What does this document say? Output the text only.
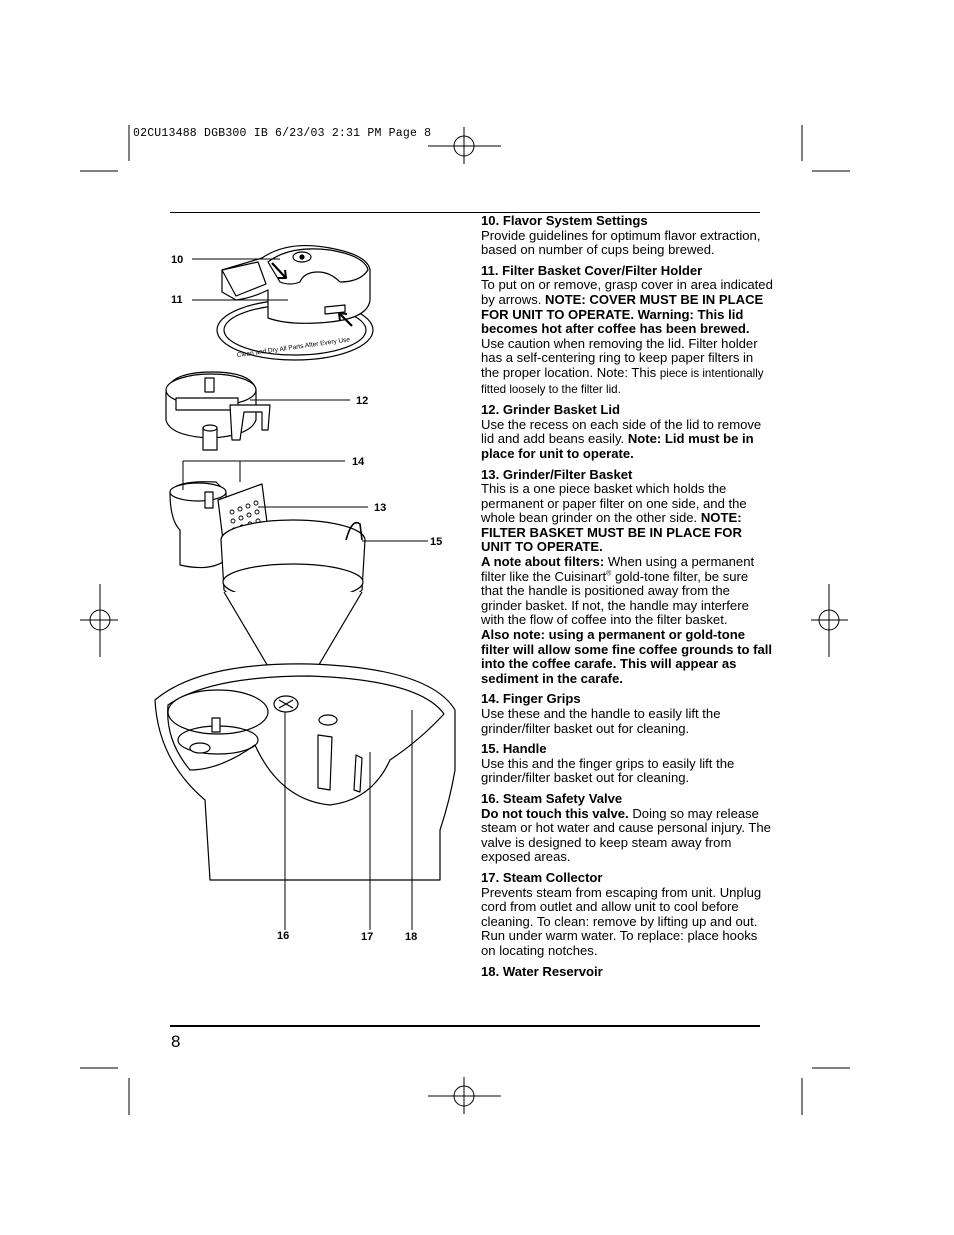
02CU13488 DGB300 IB 6/23/03 2:31 PM Page 8
Clean and Dry All Parts After Every Use
10
11
12
13
14
15
16	17	18
10. Flavor System Settings

Provide guidelines for optimum flavor extraction, based on number of cups being brewed.

11. Filter Basket Cover/Filter Holder

To put on or remove, grasp cover in area indicated by arrows. NOTE: COVER MUST BE IN PLACE FOR UNIT TO OPERATE. Warning: This lid becomes hot after coffee has been brewed. Use caution when removing the lid. Filter holder has a self-centering ring to keep paper filters in the proper location. Note: This piece is intentionally fitted loosely to the filter lid.

12. Grinder Basket Lid

Use the recess on each side of the lid to remove lid and add beans easily. Note: Lid must be in place for unit to operate.

13. Grinder/Filter Basket

This is a one piece basket which holds the permanent or paper filter on one side, and the whole bean grinder on the other side. NOTE: FILTER BASKET MUST BE IN PLACE FOR UNIT TO OPERATE.

A note about filters: When using a permanent filter like the Cuisinart® gold-tone filter, be sure that the handle is positioned away from the grinder basket. If not, the handle may interfere with the flow of coffee into the filter basket.

Also note: using a permanent or gold-tone filter will allow some fine coffee grounds to fall into the coffee carafe. This will appear as sediment in the carafe.

14. Finger Grips

Use these and the handle to easily lift the grinder/filter basket out for cleaning.

15. Handle

Use this and the finger grips to easily lift the grinder/filter basket out for cleaning.

16. Steam Safety Valve

Do not touch this valve. Doing so may release steam or hot water and cause personal injury. The valve is designed to keep steam away from exposed areas.

17. Steam Collector

Prevents steam from escaping from unit. Unplug cord from outlet and allow unit to cool before cleaning. To clean: remove by lifting up and out. Run under warm water. To replace: place hooks on locating notches.

18. Water Reservoir
8
